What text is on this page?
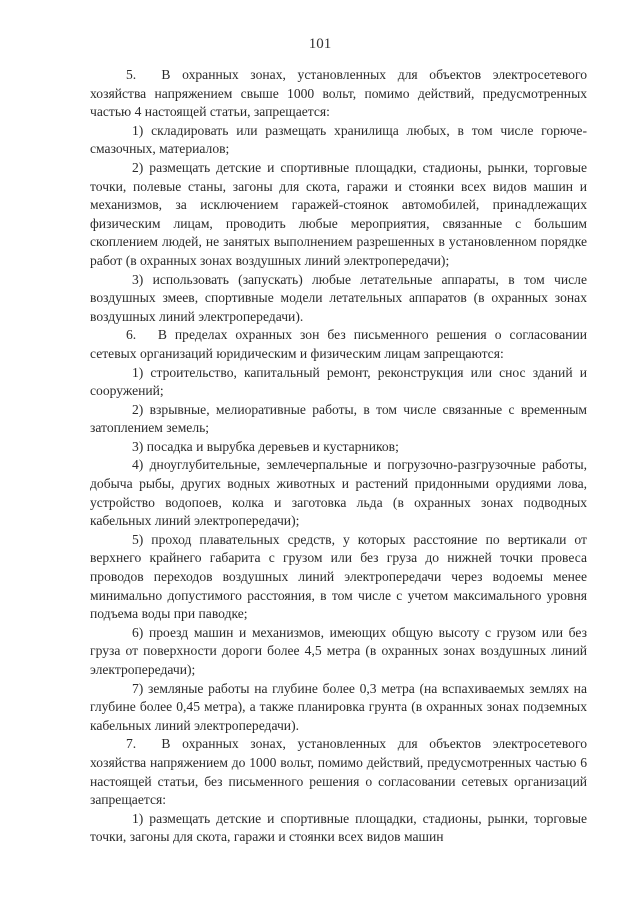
101

5.  В охранных зонах, установленных для объектов электросетевого хозяйства напряжением свыше 1000 вольт, помимо действий, предусмотренных частью 4 настоящей статьи, запрещается:

1) складировать или размещать хранилища любых, в том числе горюче-смазочных, материалов;

2) размещать детские и спортивные площадки, стадионы, рынки, торговые точки, полевые станы, загоны для скота, гаражи и стоянки всех видов машин и механизмов, за исключением гаражей-стоянок автомобилей, принадлежащих физическим лицам, проводить любые мероприятия, связанные с большим скоплением людей, не занятых выполнением разрешенных в установленном порядке работ (в охранных зонах воздушных линий электропередачи);

3) использовать (запускать) любые летательные аппараты, в том числе воздушных змеев, спортивные модели летательных аппаратов (в охранных зонах воздушных линий электропередачи).

6.  В пределах охранных зон без письменного решения о согласовании сетевых организаций юридическим и физическим лицам запрещаются:

1) строительство, капитальный ремонт, реконструкция или снос зданий и сооружений;

2) взрывные, мелиоративные работы, в том числе связанные с временным затоплением земель;

3) посадка и вырубка деревьев и кустарников;

4) дноуглубительные, землечерпальные и погрузочно-разгрузочные работы, добыча рыбы, других водных животных и растений придонными орудиями лова, устройство водопоев, колка и заготовка льда (в охранных зонах подводных кабельных линий электропередачи);

5) проход плавательных средств, у которых расстояние по вертикали от верхнего крайнего габарита с грузом или без груза до нижней точки провеса проводов переходов воздушных линий электропередачи через водоемы менее минимально допустимого расстояния, в том числе с учетом максимального уровня подъема воды при паводке;

6) проезд машин и механизмов, имеющих общую высоту с грузом или без груза от поверхности дороги более 4,5 метра (в охранных зонах воздушных линий электропередачи);

7) земляные работы на глубине более 0,3 метра (на вспахиваемых землях на глубине более 0,45 метра), а также планировка грунта (в охранных зонах подземных кабельных линий электропередачи).

7.  В охранных зонах, установленных для объектов электросетевого хозяйства напряжением до 1000 вольт, помимо действий, предусмотренных частью 6 настоящей статьи, без письменного решения о согласовании сетевых организаций запрещается:

1) размещать детские и спортивные площадки, стадионы, рынки, торговые точки, загоны для скота, гаражи и стоянки всех видов машин
